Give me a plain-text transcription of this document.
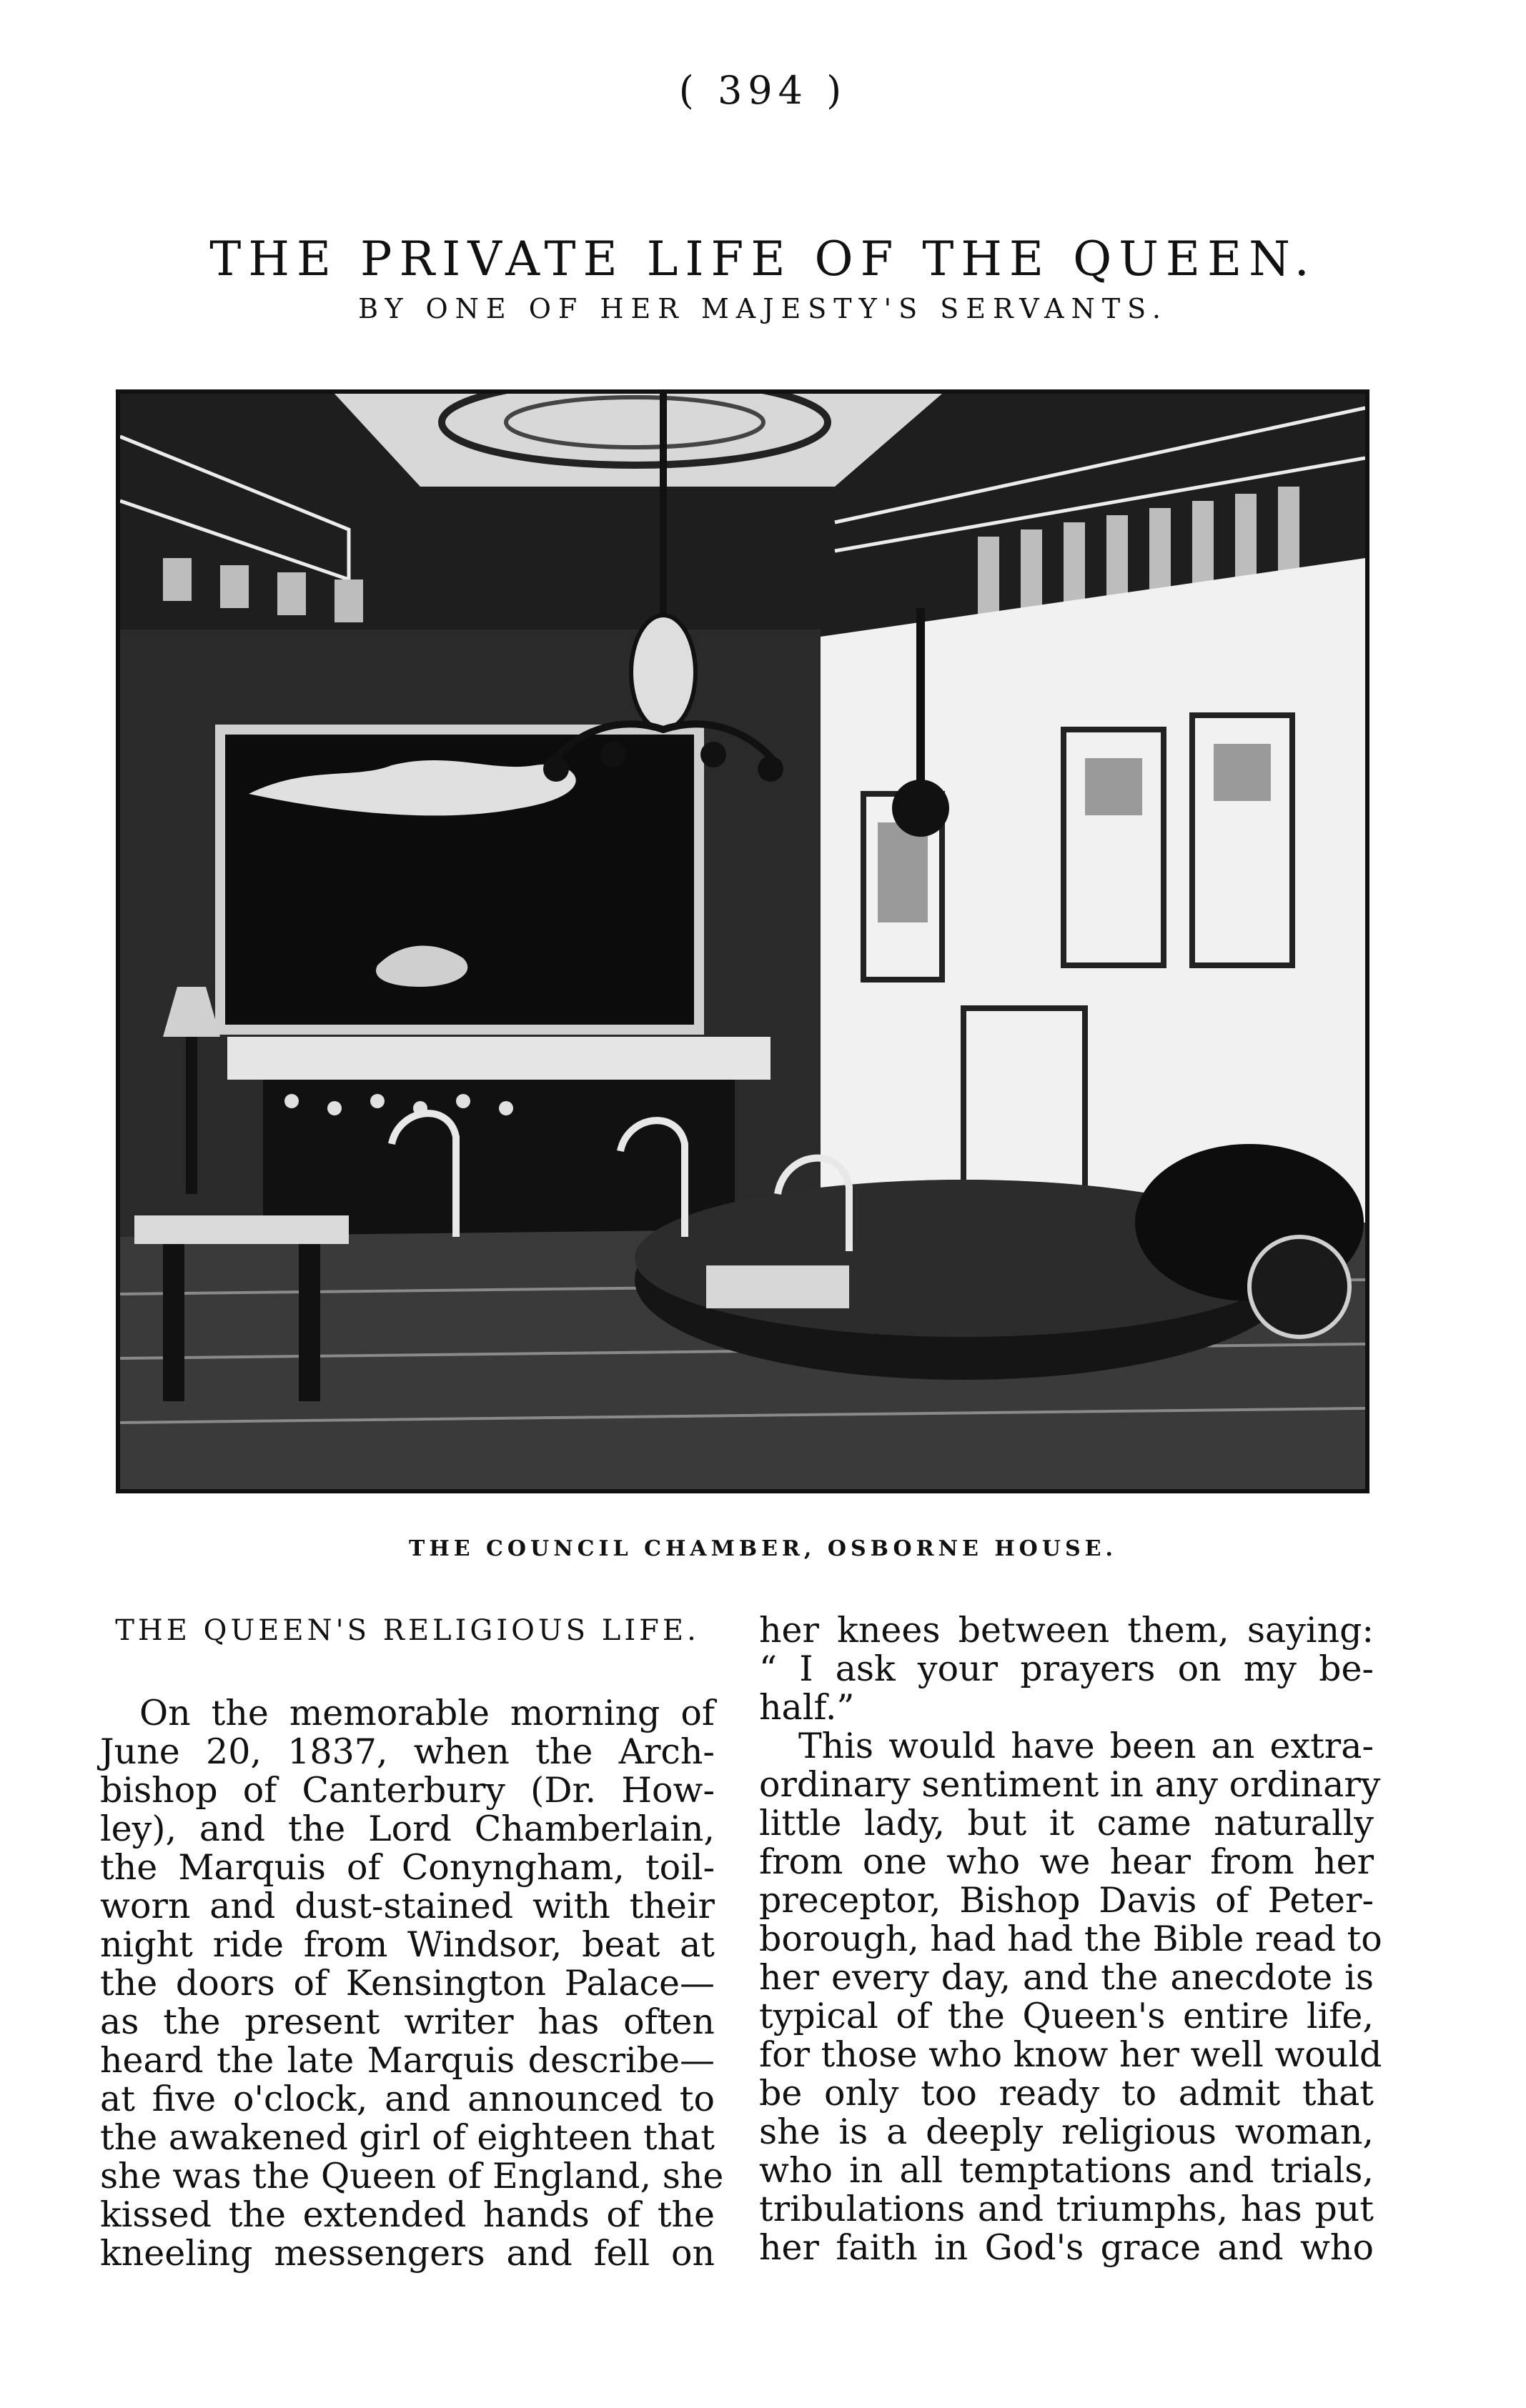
( 394 )
THE PRIVATE LIFE OF THE QUEEN.
BY ONE OF HER MAJESTY'S SERVANTS.
THE COUNCIL CHAMBER, OSBORNE HOUSE.
THE QUEEN'S RELIGIOUS LIFE.
On the memorable morning of
June 20, 1837, when the Arch-
bishop of Canterbury (Dr. How-
ley), and the Lord Chamberlain,
the Marquis of Conyngham, toil-
worn and dust-stained with their
night ride from Windsor, beat at
the doors of Kensington Palace—
as the present writer has often
heard the late Marquis describe—
at five o'clock, and announced to
the awakened girl of eighteen that
she was the Queen of England, she
kissed the extended hands of the
kneeling messengers and fell on
her knees between them, saying:
“ I ask your prayers on my be-
half.”
This would have been an extra-
ordinary sentiment in any ordinary
little lady, but it came naturally
from one who we hear from her
preceptor, Bishop Davis of Peter-
borough, had had the Bible read to
her every day, and the anecdote is
typical of the Queen's entire life,
for those who know her well would
be only too ready to admit that
she is a deeply religious woman,
who in all temptations and trials,
tribulations and triumphs, has put
her faith in God's grace and who
